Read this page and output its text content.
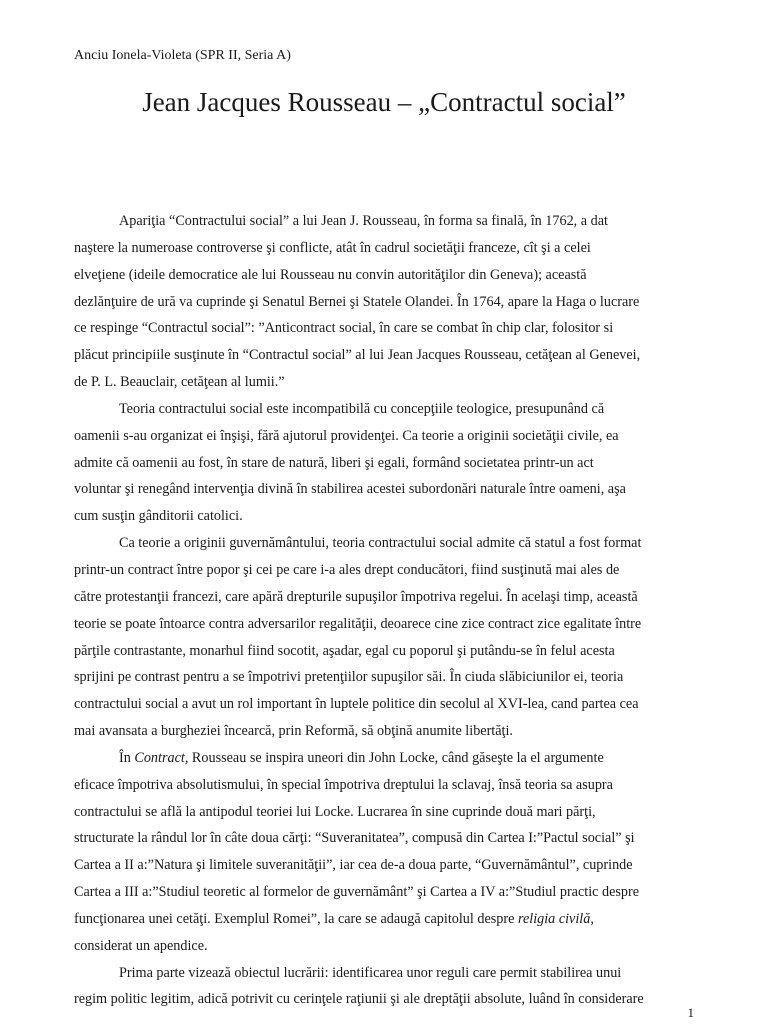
Anciu Ionela-Violeta (SPR II, Seria A)
Jean Jacques Rousseau – „Contractul social”
Apariţia “Contractului social” a lui Jean J. Rousseau, în forma sa finală, în 1762, a dat
naştere la numeroase controverse şi conflicte, atât în cadrul societăţii franceze, cît şi a celei
elveţiene (ideile democratice ale lui Rousseau nu convin autorităţilor din Geneva); această
dezlănţuire de ură va cuprinde şi Senatul Bernei şi Statele Olandei. În 1764, apare la Haga o lucrare
ce respinge “Contractul social”: ”Anticontract social, în care se combat în chip clar, folositor si
plăcut principiile susţinute în “Contractul social” al lui Jean Jacques Rousseau, cetăţean al Genevei,
de P. L. Beauclair, cetăţean al lumii.”
Teoria contractului social este incompatibilă cu concepţiile teologice, presupunând că
oamenii s-au organizat ei înşişi, fără ajutorul providenţei. Ca teorie a originii societăţii civile, ea
admite că oamenii au fost, în stare de natură, liberi şi egali, formând societatea printr-un act
voluntar şi renegând intervenţia divină în stabilirea acestei subordonări naturale între oameni, aşa
cum susţin gânditorii catolici.
Ca teorie a originii guvernământului, teoria contractului social admite că statul a fost format
printr-un contract între popor şi cei pe care i-a ales drept conducători, fiind susţinută mai ales de
către protestanţii francezi, care apără drepturile supuşilor împotriva regelui. În acelaşi timp, această
teorie se poate întoarce contra adversarilor regalităţii, deoarece cine zice contract zice egalitate între
părţile contrastante, monarhul fiind socotit, aşadar, egal cu poporul şi putându-se în felul acesta
sprijini pe contrast pentru a se împotrivi pretenţiilor supuşilor săi. În ciuda slăbiciunilor ei, teoria
contractului social a avut un rol important în luptele politice din secolul al XVI-lea, cand partea cea
mai avansata a burgheziei încearcă, prin Reformă, să obţină anumite libertăţi.
În Contract, Rousseau se inspira uneori din John Locke, când găseşte la el argumente
eficace împotriva absolutismului, în special împotriva dreptului la sclavaj, însă teoria sa asupra
contractului se află la antipodul teoriei lui Locke. Lucrarea în sine cuprinde două mari părţi,
structurate la rândul lor în câte doua cărţi: “Suveranitatea”, compusă din Cartea I:”Pactul social” şi
Cartea a II a:”Natura şi limitele suveranităţii”, iar cea de-a doua parte, “Guvernământul”, cuprinde
Cartea a III a:”Studiul teoretic al formelor de guvernământ” şi Cartea a IV a:”Studiul practic despre
funcţionarea unei cetăţi. Exemplul Romei”, la care se adaugă capitolul despre religia civilă,
considerat un apendice.
Prima parte vizează obiectul lucrării: identificarea unor reguli care permit stabilirea unui
regim politic legitim, adică potrivit cu cerinţele raţiunii şi ale dreptăţii absolute, luând în considerare
1
